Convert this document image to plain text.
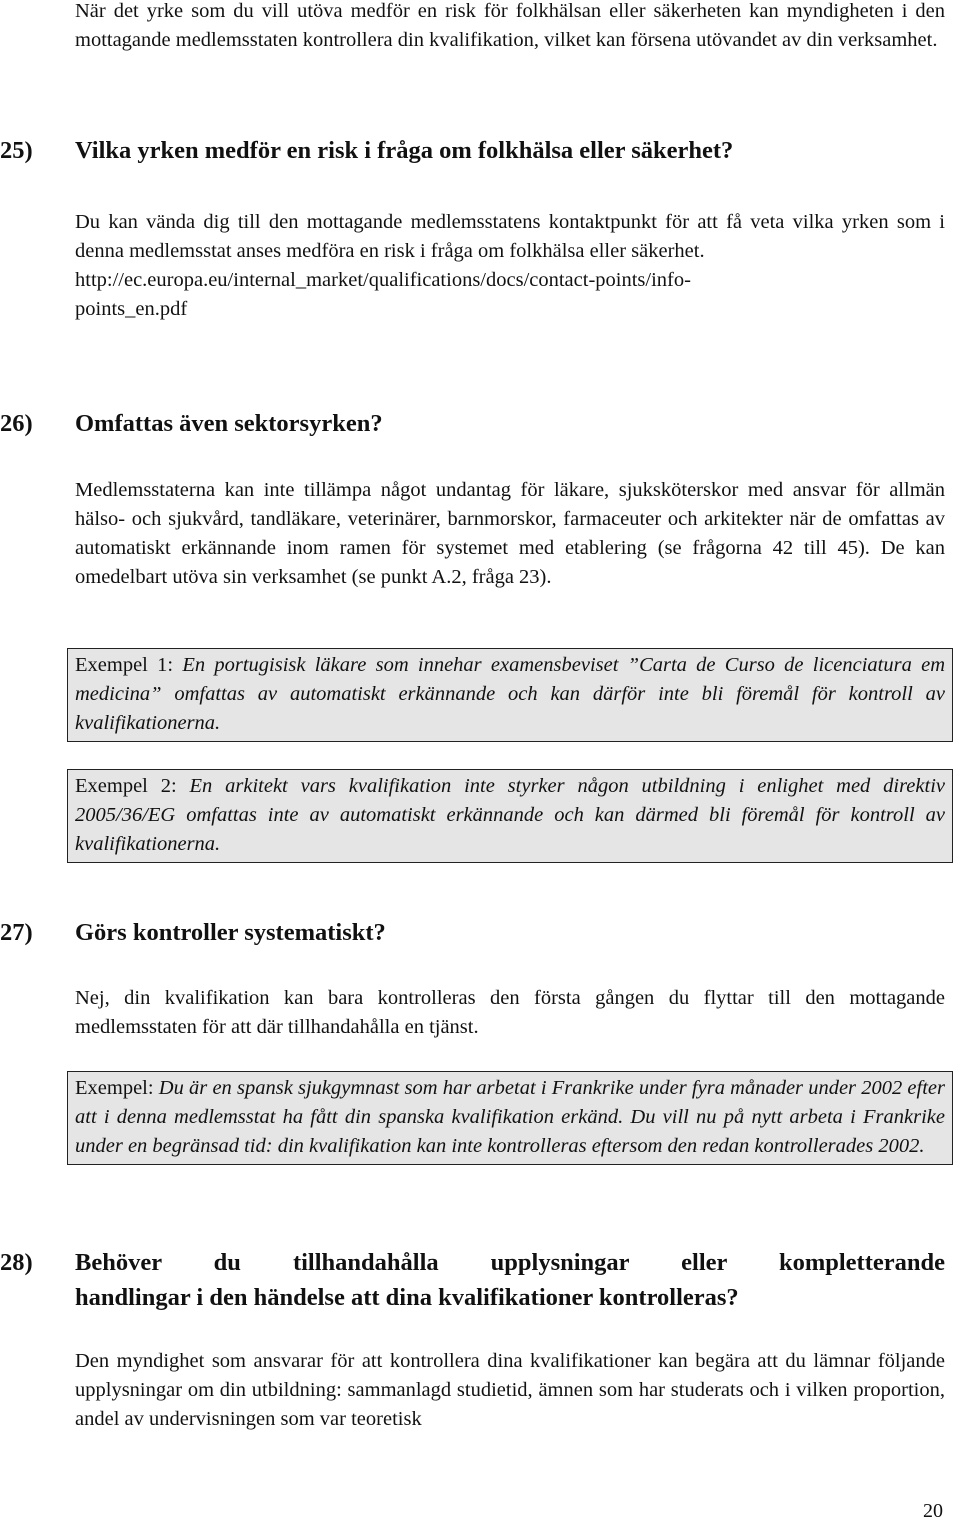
När det yrke som du vill utöva medför en risk för folkhälsan eller säkerheten kan myndigheten i den mottagande medlemsstaten kontrollera din kvalifikation, vilket kan försena utövandet av din verksamhet.

25) Vilka yrken medför en risk i fråga om folkhälsa eller säkerhet?

Du kan vända dig till den mottagande medlemsstatens kontaktpunkt för att få veta vilka yrken som i denna medlemsstat anses medföra en risk i fråga om folkhälsa eller säkerhet.

http://ec.europa.eu/internal_market/qualifications/docs/contact-points/info-
points_en.pdf
26) Omfattas även sektorsyrken?

Medlemsstaterna kan inte tillämpa något undantag för läkare, sjuksköterskor med ansvar för allmän hälso- och sjukvård, tandläkare, veterinärer, barnmorskor, farmaceuter och arkitekter när de omfattas av automatiskt erkännande inom ramen för systemet med etablering (se frågorna 42 till 45). De kan omedelbart utöva sin verksamhet (se punkt A.2, fråga 23).

Exempel 1: En portugisisk läkare som innehar examensbeviset ”Carta de Curso de licenciatura em medicina” omfattas av automatiskt erkännande och kan därför inte bli föremål för kontroll av kvalifikationerna.
Exempel 2: En arkitekt vars kvalifikation inte styrker någon utbildning i enlighet med direktiv 2005/36/EG omfattas inte av automatiskt erkännande och kan därmed bli föremål för kontroll av kvalifikationerna.
27) Görs kontroller systematiskt?

Nej, din kvalifikation kan bara kontrolleras den första gången du flyttar till den mottagande medlemsstaten för att där tillhandahålla en tjänst.

Exempel: Du är en spansk sjukgymnast som har arbetat i Frankrike under fyra månader under 2002 efter att i denna medlemsstat ha fått din spanska kvalifikation erkänd. Du vill nu på nytt arbeta i Frankrike under en begränsad tid: din kvalifikation kan inte kontrolleras eftersom den redan kontrollerades 2002.
28)	Behöver du tillhandahålla upplysningar eller kompletterande
handlingar i den händelse att dina kvalifikationer kontrolleras?

Den myndighet som ansvarar för att kontrollera dina kvalifikationer kan begära att du lämnar följande upplysningar om din utbildning: sammanlagd studietid, ämnen som har studerats och i vilken proportion, andel av undervisningen som var teoretisk

20
